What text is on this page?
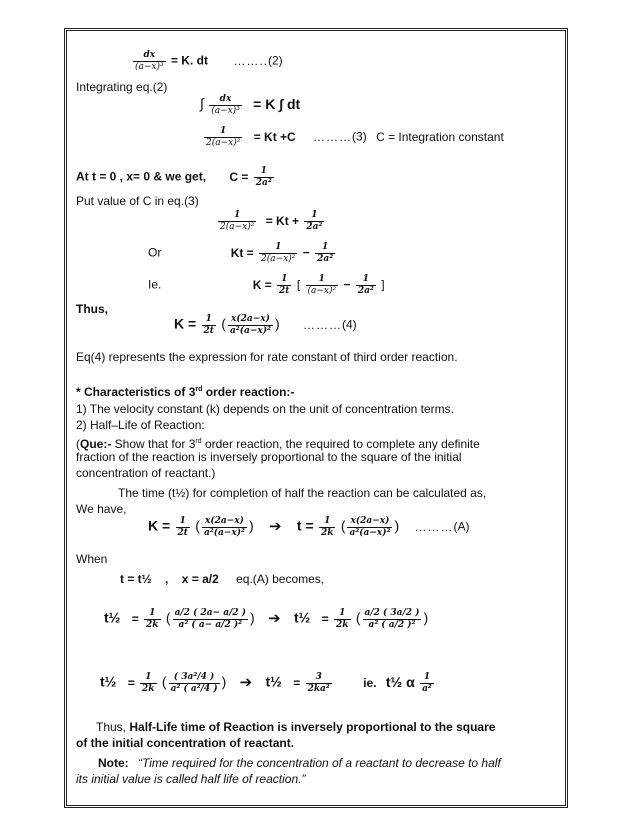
$\frac{dx}{\text{(a−x)³}} = K$. dt ……..(2)
Integrating eq.(2)
∫ $\frac{dx}{\text{(a−x)³}} = K$ ∫ dt
$\frac{1}{\text{2(a−x)²}} = Kt +C$ ………(3) C = Integration constant
At t = 0 , x= 0 & we get, $C = \frac{1}{\text{2a²}}$
Put value of C in eq.(3)
$\frac{1}{\text{2(a−x)²}} = Kt + \frac{1}{\text{2a²}}$
Or	$Kt = \frac{1}{\text{2(a−x)²}} - \frac{1}{\text{2a²}}$
Ie.	$K = \frac{1}{2t}$ [ $\frac{1}{\text{(a−x)²}} - \frac{1}{\text{2a²}}$ ]
Thus,
$K = \frac{1}{2t}$ ( $\frac{x(2a-x)}{\text{a²(a−x)²}}$ ) ………(4)
Eq(4) represents the expression for rate constant of third order reaction.
* Characteristics of 3rd order reaction:-
1) The velocity constant (k) depends on the unit of concentration terms.
2) Half–Life of Reaction:
(Que:- Show that for 3rd order reaction, the required to complete any definite
fraction of the reaction is inversely proportional to the square of the initial
concentration of reactant.)
The time (t½) for completion of half the reaction can be calculated as,
We have,
$K = \frac{1}{2t}$ ( $\frac{x(2a-x)}{\text{a²(a−x)²}}$ ) ➔ $t = \frac{1}{2k}$ ( $\frac{x(2a-x)}{\text{a²(a−x)²}}$ ) ………(A)
When
t = t½ , x = a/2 eq.(A) becomes,
t½ = $\frac{1}{2k}$ ( $\frac{a/2 ( 2a- a/2 )}{\text{a² ( a− a/2 )²}}$ ) ➔ t½ = $\frac{1}{2k}$ ( $\frac{a/2 ( 3a/2 )}{\text{a² ( a/2 )²}}$ )
t½ = $\frac{1}{2k}$ ( $\frac{\text{( 3a²/4 )}}{\text{a² ( a²/4 )}}$ ) ➔ t½ = $\frac{3}{\text{2ka²}}$	ie. t½ α $\frac{1}{\text{a²}}$
Thus, Half-Life time of Reaction is inversely proportional to the square
of the initial concentration of reactant.
Note: “Time required for the concentration of a reactant to decrease to half
its initial value is called half life of reaction.”
